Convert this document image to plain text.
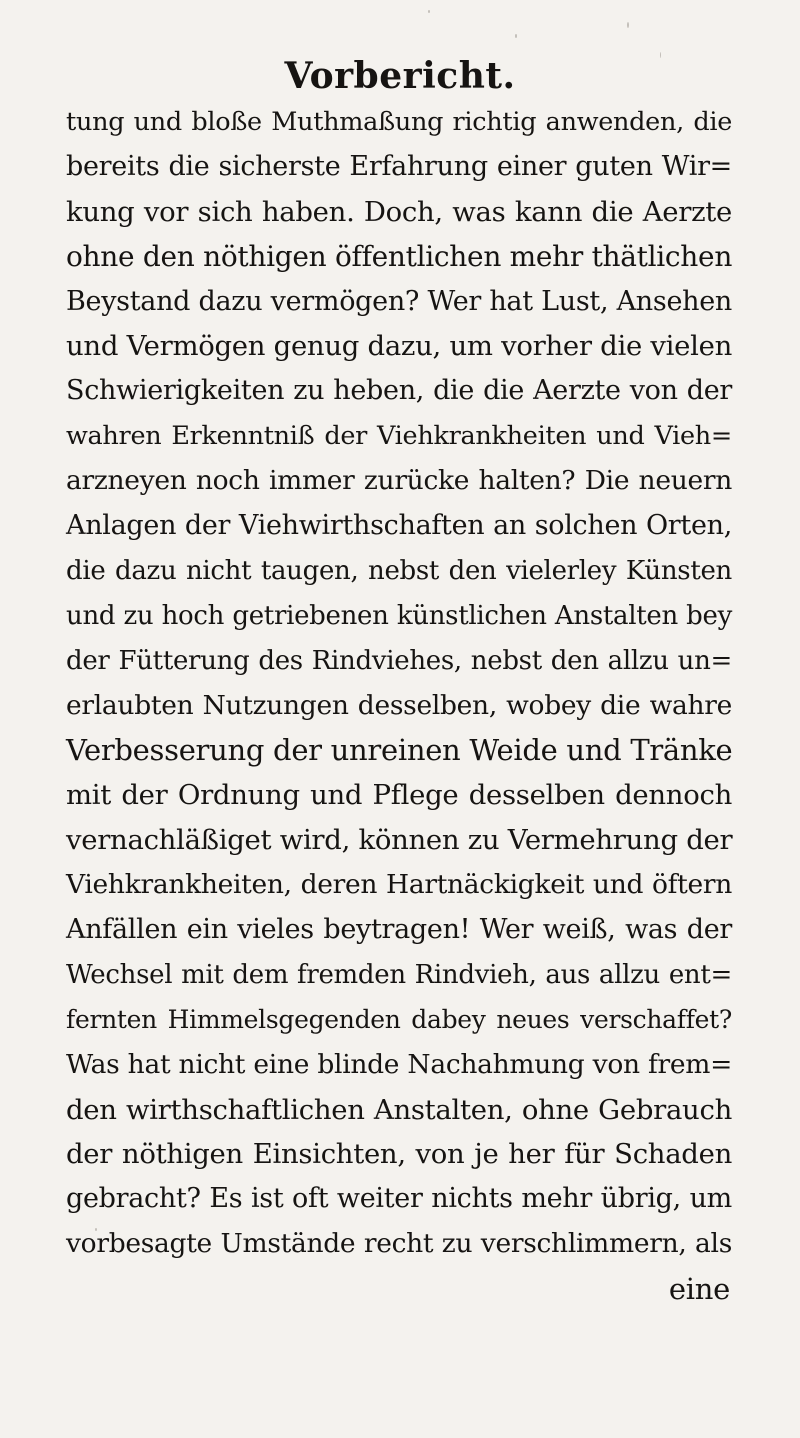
Vorbericht.
tung und bloße Muthmaßung richtig anwenden, die
bereits die sicherste Erfahrung einer guten Wir=
kung vor sich haben. Doch, was kann die Aerzte
ohne den nöthigen öffentlichen mehr thätlichen
Beystand dazu vermögen? Wer hat Lust, Ansehen
und Vermögen genug dazu, um vorher die vielen
Schwierigkeiten zu heben, die die Aerzte von der
wahren Erkenntniß der Viehkrankheiten und Vieh=
arzneyen noch immer zurücke halten? Die neuern
Anlagen der Viehwirthschaften an solchen Orten,
die dazu nicht taugen, nebst den vielerley Künsten
und zu hoch getriebenen künstlichen Anstalten bey
der Fütterung des Rindviehes, nebst den allzu un=
erlaubten Nutzungen desselben, wobey die wahre
Verbesserung der unreinen Weide und Tränke
mit der Ordnung und Pflege desselben dennoch
vernachläßiget wird, können zu Vermehrung der
Viehkrankheiten, deren Hartnäckigkeit und öftern
Anfällen ein vieles beytragen! Wer weiß, was der
Wechsel mit dem fremden Rindvieh, aus allzu ent=
fernten Himmelsgegenden dabey neues verschaffet?
Was hat nicht eine blinde Nachahmung von frem=
den wirthschaftlichen Anstalten, ohne Gebrauch
der nöthigen Einsichten, von je her für Schaden
gebracht? Es ist oft weiter nichts mehr übrig, um
vorbesagte Umstände recht zu verschlimmern, als
eine
